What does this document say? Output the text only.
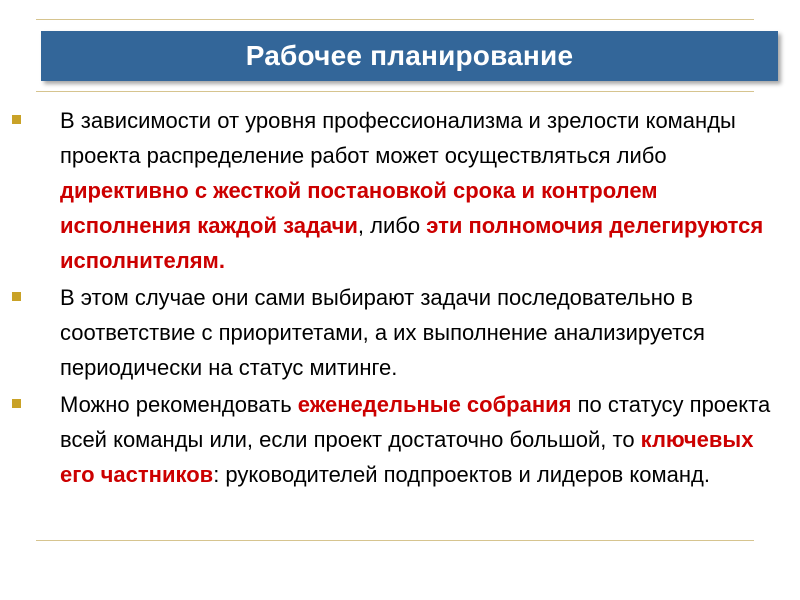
Рабочее планирование
В зависимости от уровня профессионализма и зрелости команды проекта распределение работ может осуществляться либо директивно с жесткой постановкой срока и контролем исполнения каждой задачи, либо эти полномочия делегируются исполнителям.
В этом случае они сами выбирают задачи последовательно в соответствие с приоритетами, а их выполнение анализируется периодически на статус митинге.
Можно рекомендовать еженедельные собрания по статусу проекта всей команды или, если проект достаточно большой, то ключевых его частников: руководителей подпроектов и лидеров команд.
